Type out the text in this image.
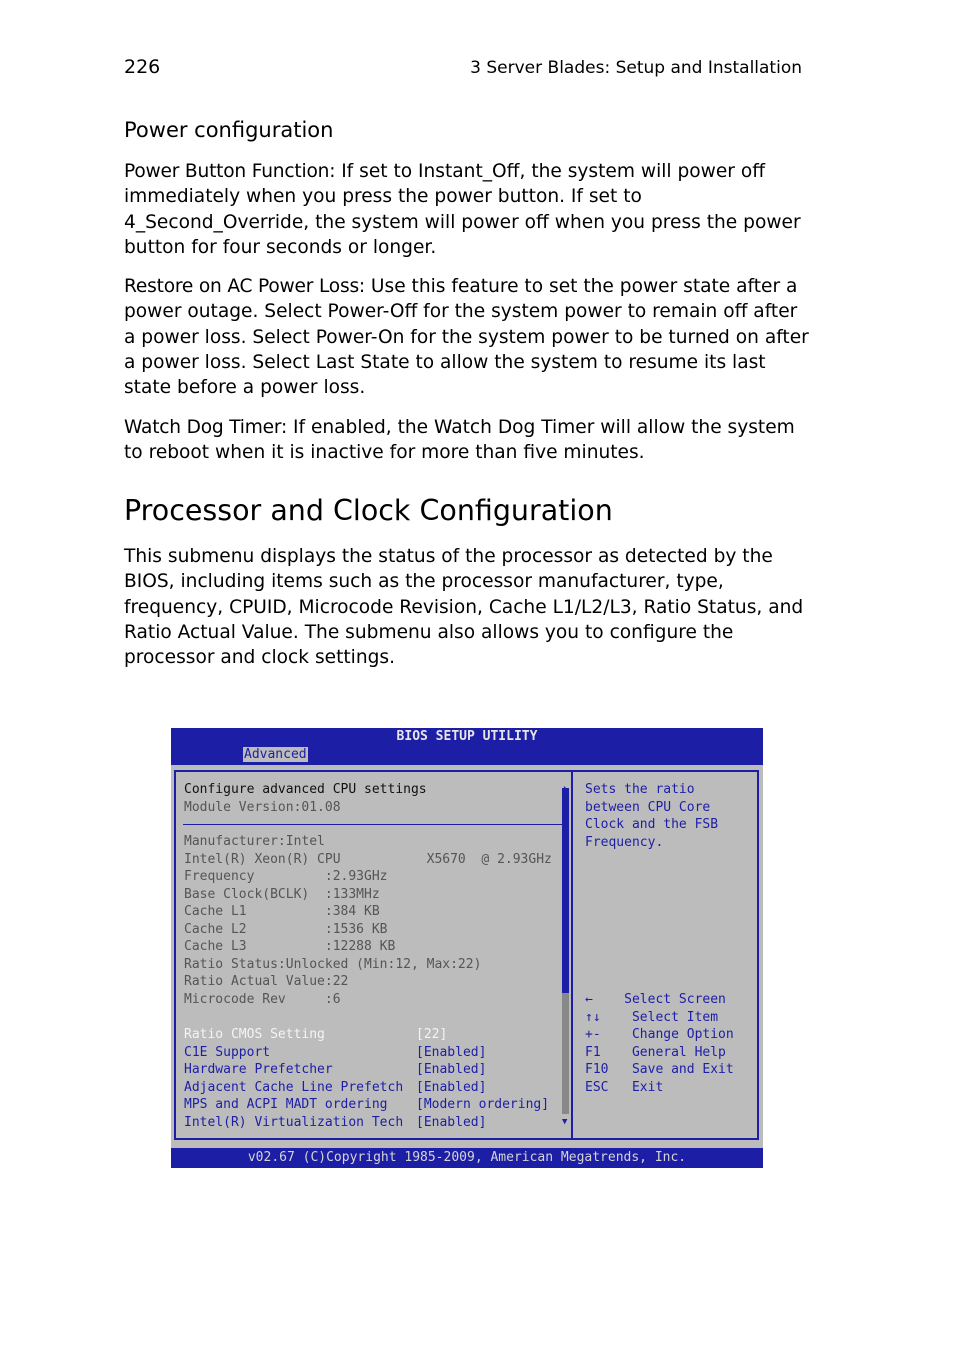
226	3 Server Blades: Setup and Installation
Power configuration

Power Button Function: If set to Instant_Off, the system will power off immediately when you press the power button. If set to 4_Second_Override, the system will power off when you press the power button for four seconds or longer.

Restore on AC Power Loss: Use this feature to set the power state after a power outage. Select Power-Off for the system power to remain off after a power loss. Select Power-On for the system power to be turned on after a power loss. Select Last State to allow the system to resume its last state before a power loss.

Watch Dog Timer: If enabled, the Watch Dog Timer will allow the system to reboot when it is inactive for more than five minutes.

Processor and Clock Configuration

This submenu displays the status of the processor as detected by the BIOS, including items such as the processor manufacturer, type, frequency, CPUID, Microcode Revision, Cache L1/L2/L3, Ratio Status, and Ratio Actual Value. The submenu also allows you to configure the processor and clock settings.

BIOS SETUP UTILITY
Advanced
Configure advanced CPU settings
Module Version:01.08
Manufacturer:Intel
Intel(R) Xeon(R) CPU           X5670  @ 2.93GHz
Frequency         :2.93GHz
Base Clock(BCLK)  :133MHz
Cache L1          :384 KB
Cache L2          :1536 KB
Cache L3          :12288 KB
Ratio Status:Unlocked (Min:12, Max:22)
Ratio Actual Value:22
Microcode Rev     :6
Ratio CMOS Setting	[22]
C1E Support	[Enabled]
Hardware Prefetcher	[Enabled]
Adjacent Cache Line Prefetch [Enabled]
MPS and ACPI MADT ordering [Modern ordering]
Intel(R) Virtualization Tech [Enabled]
▲
▼
Sets the ratio
between CPU Core
Clock and the FSB
Frequency.
←    Select Screen
↑↓    Select Item
+-    Change Option
F1    General Help
F10   Save and Exit
ESC   Exit
v02.67 (C)Copyright 1985-2009, American Megatrends, Inc.
